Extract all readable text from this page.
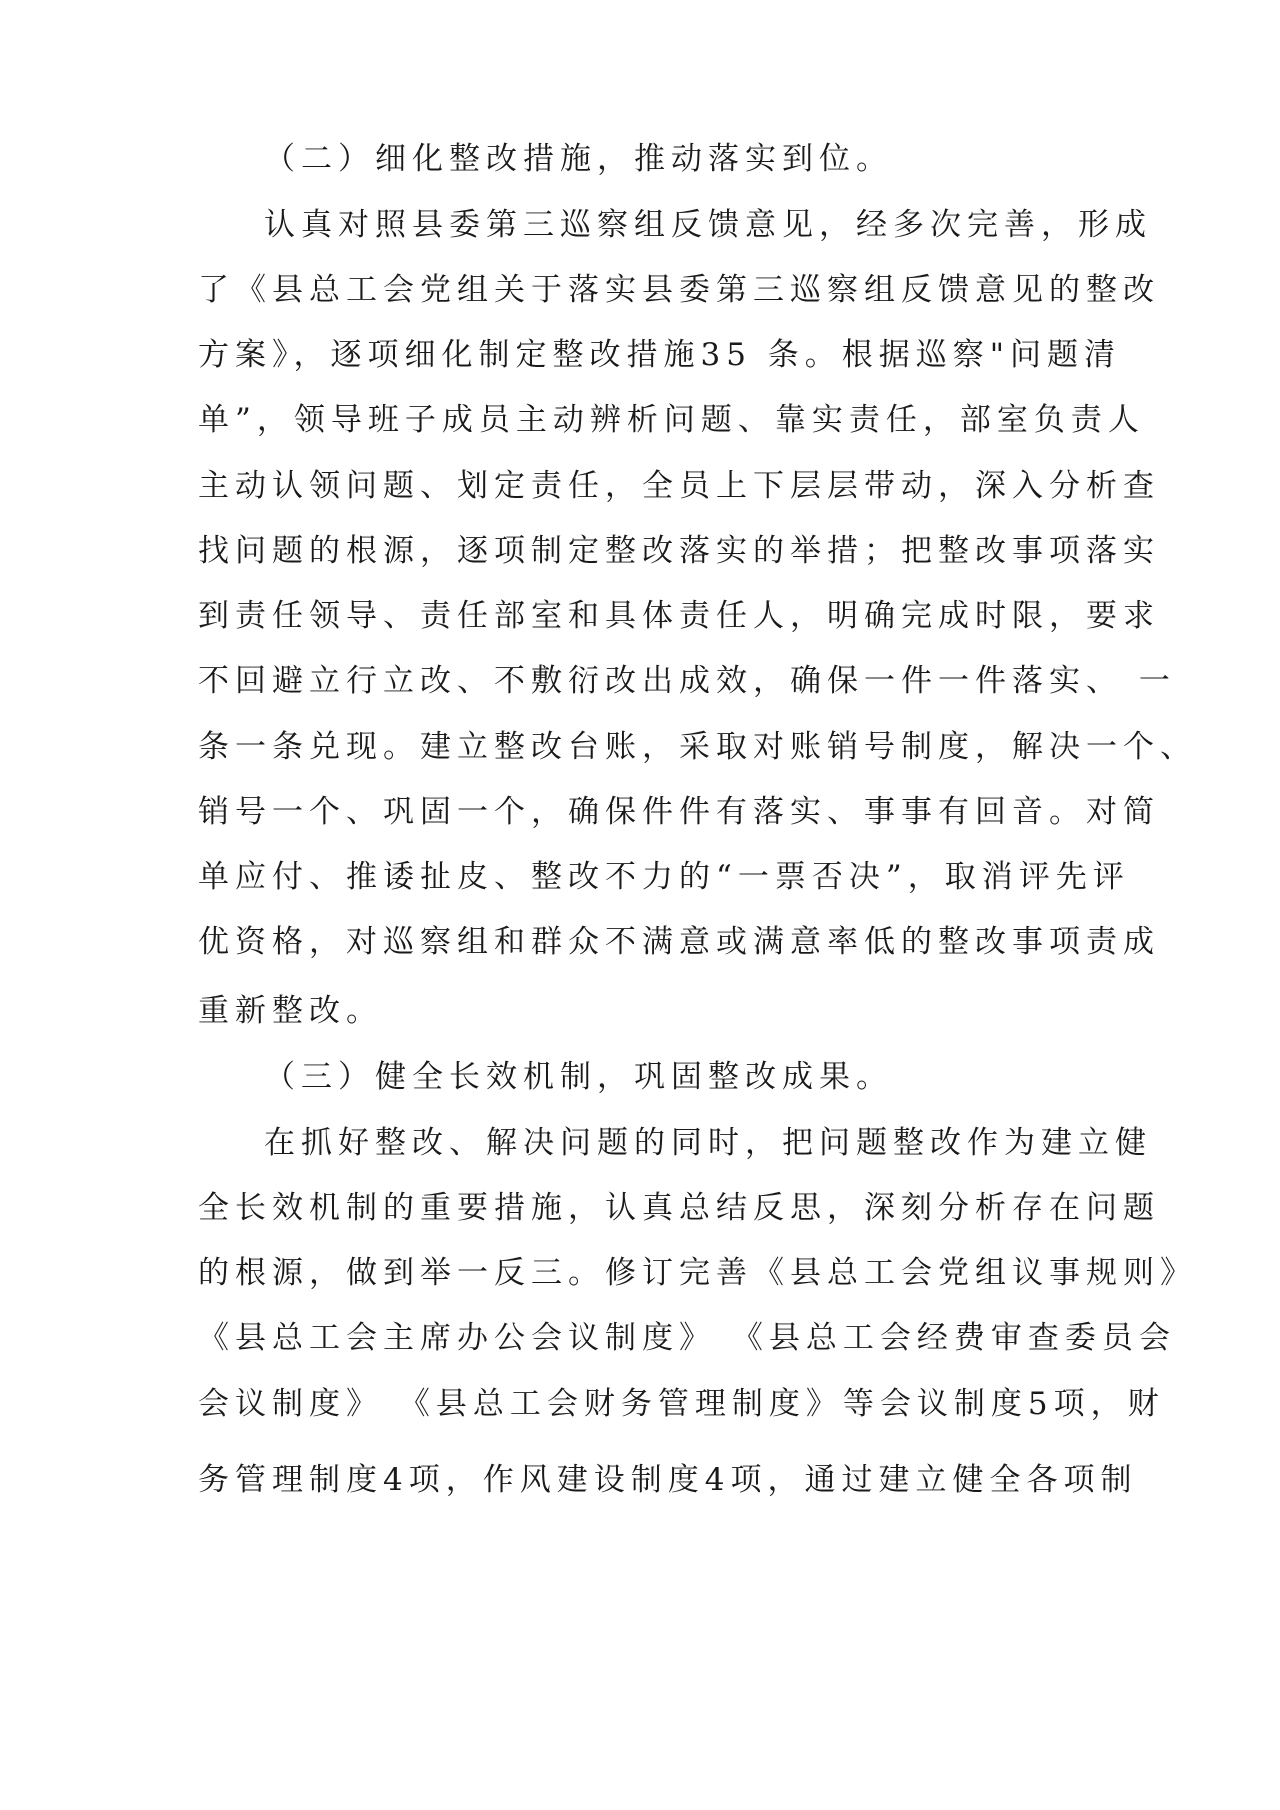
（二）细化整改措施，推动落实到位。
认真对照县委第三巡察组反馈意见，经多次完善，形成
了《县总工会党组关于落实县委第三巡察组反馈意见的整改
方案》，逐项细化制定整改措施35 条。根据巡察"问题清
单”，领导班子成员主动辨析问题、靠实责任，部室负责人
主动认领问题、划定责任，全员上下层层带动，深入分析查
找问题的根源，逐项制定整改落实的举措；把整改事项落实
到责任领导、责任部室和具体责任人，明确完成时限，要求
不回避立行立改、不敷衍改出成效，确保一件一件落实、 一
条一条兑现。建立整改台账，采取对账销号制度，解决一个、
销号一个、巩固一个，确保件件有落实、事事有回音。对简
单应付、推诿扯皮、整改不力的“一票否决”，取消评先评
优资格，对巡察组和群众不满意或满意率低的整改事项责成
重新整改。
（三）健全长效机制，巩固整改成果。
在抓好整改、解决问题的同时，把问题整改作为建立健
全长效机制的重要措施，认真总结反思，深刻分析存在问题
的根源，做到举一反三。修订完善《县总工会党组议事规则》
《县总工会主席办公会议制度》 《县总工会经费审查委员会
会议制度》 《县总工会财务管理制度》等会议制度5项，财
务管理制度4项，作风建设制度4项，通过建立健全各项制
